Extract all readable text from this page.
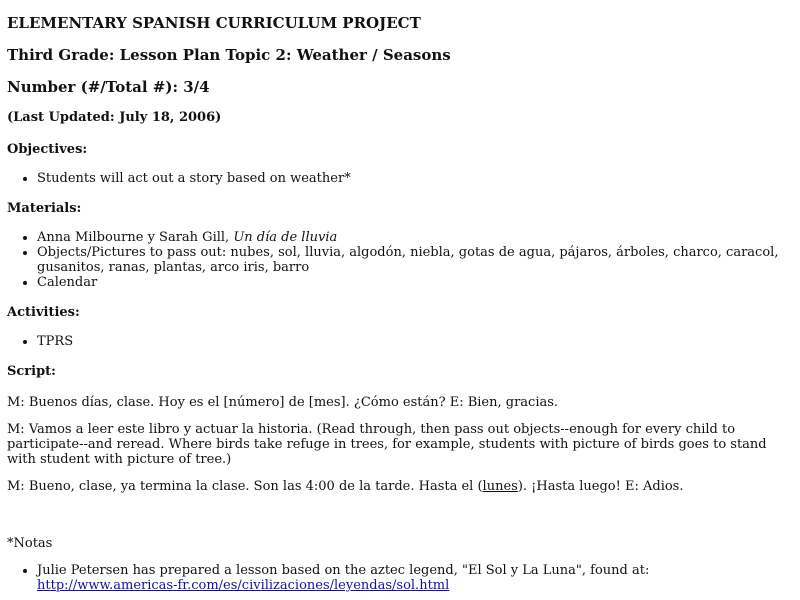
ELEMENTARY SPANISH CURRICULUM PROJECT
Third Grade: Lesson Plan Topic 2: Weather / Seasons
Number (#/Total #): 3/4
(Last Updated: July 18, 2006)
Objectives:
• Students will act out a story based on weather*
Materials:
• Anna Milbourne y Sarah Gill, Un día de lluvia
• Objects/Pictures to pass out: nubes, sol, lluvia, algodón, niebla, gotas de agua, pájaros, árboles, charco, caracol, gusanitos, ranas, plantas, arco iris, barro
• Calendar
Activities:
• TPRS
Script:

M: Buenos días, clase. Hoy es el [número] de [mes]. ¿Cómo están? E: Bien, gracias.

M: Vamos a leer este libro y actuar la historia. (Read through, then pass out objects--enough for every child to participate--and reread. Where birds take refuge in trees, for example, students with picture of birds goes to stand with student with picture of tree.)

M: Bueno, clase, ya termina la clase. Son las 4:00 de la tarde. Hasta el (lunes). ¡Hasta luego! E: Adios.

*Notas

• Julie Petersen has prepared a lesson based on the aztec legend, "El Sol y La Luna", found at: http://www.americas-fr.com/es/civilizaciones/leyendas/sol.html
